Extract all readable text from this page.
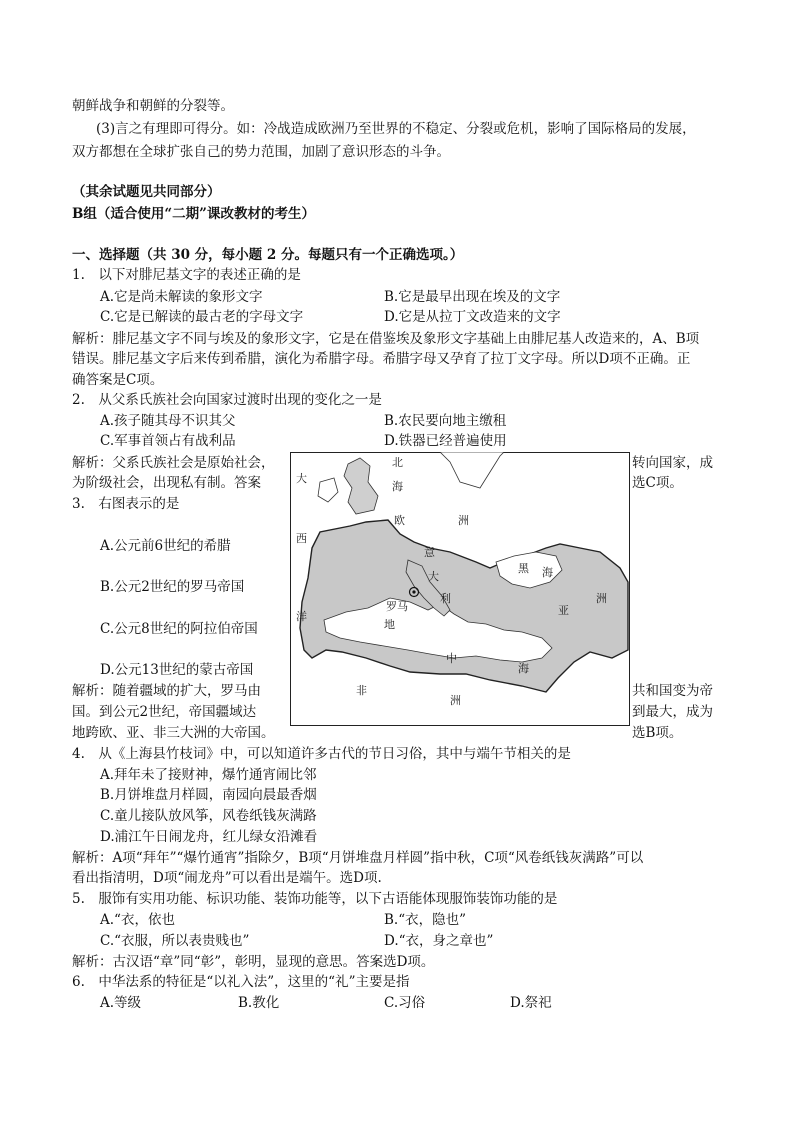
朝鲜战争和朝鲜的分裂等。
(3)言之有理即可得分。如：冷战造成欧洲乃至世界的不稳定、分裂或危机，影响了国际格局的发展，
双方都想在全球扩张自己的势力范围，加剧了意识形态的斗争。
（其余试题见共同部分）
B组（适合使用“二期”课改教材的考生）
一、选择题（共 30 分，每小题 2 分。每题只有一个正确选项。）
1.　以下对腓尼基文字的表述正确的是
A.它是尚未解读的象形文字	B.它是最早出现在埃及的文字
C.它是已解读的最古老的字母文字	D.它是从拉丁文改造来的文字
解析：腓尼基文字不同与埃及的象形文字，它是在借鉴埃及象形文字基础上由腓尼基人改造来的，A、B项
错误。腓尼基文字后来传到希腊，演化为希腊字母。希腊字母又孕育了拉丁文字母。所以D项不正确。正
确答案是C项。
2.　从父系氏族社会向国家过渡时出现的变化之一是
A.孩子随其母不识其父	B.农民要向地主缴租
C.军事首领占有战利品	D.铁器已经普遍使用
解析：父系氏族社会是原始社会，	转向国家，成
为阶级社会，出现私有制。答案	选C项。
3.　右图表示的是
A.公元前6世纪的希腊
B.公元2世纪的罗马帝国
C.公元8世纪的阿拉伯帝国
D.公元13世纪的蒙古帝国
解析：随着疆域的扩大，罗马由	共和国变为帝
国。到公元2世纪，帝国疆域达	到最大，成为
地跨欧、亚、非三大洲的大帝国。	选B项。
北
海
大
西
洋
欧	洲
意
大
利
罗马
黑 海
亚
洲
地
中
海
非
洲
4.　从《上海县竹枝词》中，可以知道许多古代的节日习俗，其中与端午节相关的是
A.拜年未了接财神，爆竹通宵闹比邻
B.月饼堆盘月样圆，南园向晨最香烟
C.童儿接队放风筝，风卷纸钱灰满路
D.浦江午日闹龙舟，红儿绿女沿滩看
解析：A项“拜年”“爆竹通宵”指除夕，B项“月饼堆盘月样圆”指中秋，C项“风卷纸钱灰满路”可以
看出指清明，D项“闹龙舟”可以看出是端午。选D项.
5.　服饰有实用功能、标识功能、装饰功能等，以下古语能体现服饰装饰功能的是
A.“衣，依也	B.“衣，隐也”
C.“衣服，所以表贵贱也”	D.“衣，身之章也”
解析：古汉语“章”同“彰”，彰明，显现的意思。答案选D项。
6.　中华法系的特征是“以礼入法”，这里的“礼”主要是指
A.等级	B.教化	C.习俗	D.祭祀
